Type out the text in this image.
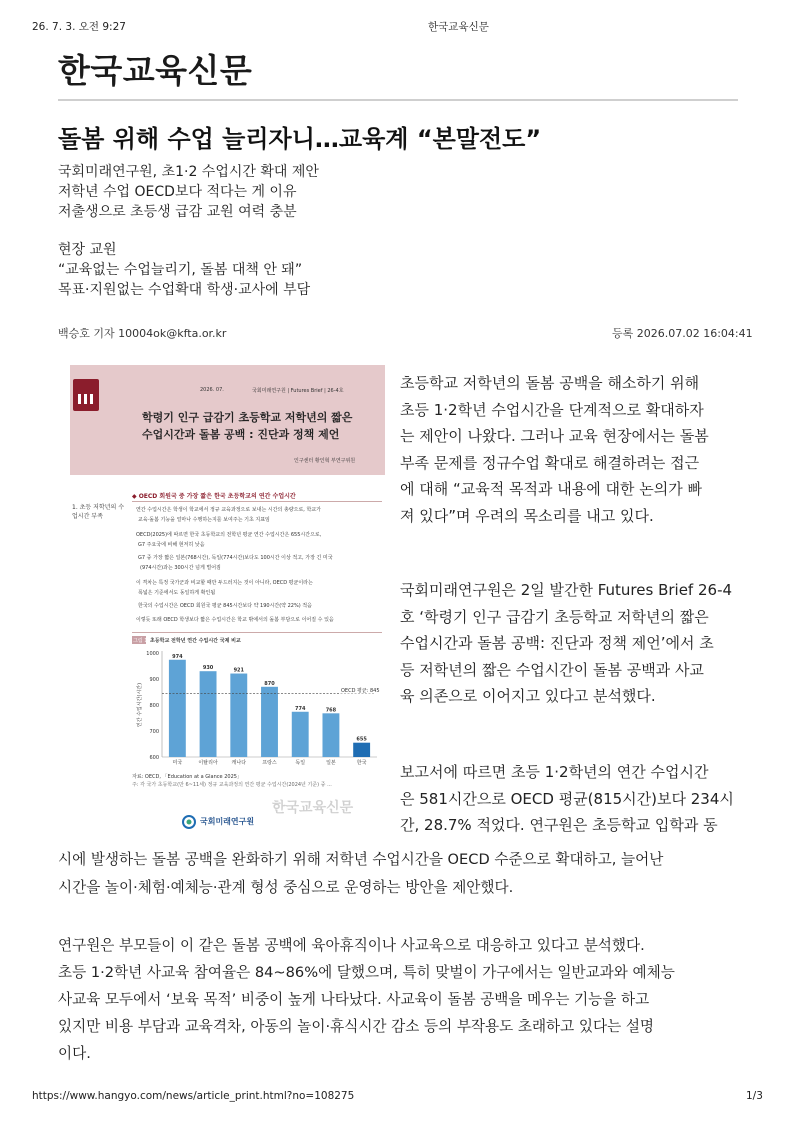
26. 7. 3. 오전 9:27	한국교육신문
한국교육신문
돌봄 위해 수업 늘리자니…교육계 “본말전도”
국회미래연구원, 초1·2 수업시간 확대 제안
저학년 수업 OECD보다 적다는 게 이유
저출생으로 초등생 급감 교원 여력 충분
현장 교원
“교육없는 수업늘리기, 돌봄 대책 안 돼”
목표·지원없는 수업확대 학생·교사에 부담
백승호 기자 10004ok@kfta.or.kr	등록 2026.07.02 16:04:41
2026. 07.	국회미래연구원 | Futures Brief | 26-4호
학령기 인구 급감기 초등학교 저학년의 짧은
수업시간과 돌봄 공백 : 진단과 정책 제언
인구센터 황인혁 부연구위원
1. 초등 저학년의 수업시간 부족
◆ OECD 회원국 중 가장 짧은 한국 초등학교의 연간 수업시간
연간 수업시간은 학생이 학교에서 정규 교육과정으로 보내는 시간의 총량으로, 학교가
교육·돌봄 기능을 얼마나 수행하는지를 보여주는 기초 지표임
OECD(2025)에 따르면 한국 초등학교의 전학년 평균 연간 수업시간은 655시간으로,
G7 주요국에 비해 현저히 낮음
G7 중 가장 짧은 일본(768시간), 독일(774시간)보다도 100시간 이상 적고, 가장 긴 미국
(974시간)과는 300시간 넘게 벌어짐
이 격차는 특정 국가군과 비교할 때만 두드러지는 것이 아니라, OECD 평균이라는
폭넓은 기준에서도 동일하게 확인됨
한국의 수업시간은 OECD 회원국 평균 845시간보다 약 190시간(약 22%) 적음
이렇듯 또래 OECD 학생보다 짧은 수업시간은 학교 밖에서의 돌봄 부담으로 이어질 수 있음
그림 1 초등학교 전학년 연간 수업시간 국제 비교
600
700
800
900
1000
연간 수업시간(시간)
974
미국
930
이탈리아
921
캐나다
870
프랑스
774
독일
768
일본
655
한국
OECD 평균: 845
자료: OECD, 「Education at a Glance 2025」
주: 각 국가 초등학교(만 6~11세) 정규 교육과정의 연간 평균 수업시간(2024년 기준) 중 ...
국회미래연구원
한국교육신문
초등학교 저학년의 돌봄 공백을 해소하기 위해
초등 1·2학년 수업시간을 단계적으로 확대하자
는 제안이 나왔다. 그러나 교육 현장에서는 돌봄
부족 문제를 정규수업 확대로 해결하려는 접근
에 대해 “교육적 목적과 내용에 대한 논의가 빠
져 있다”며 우려의 목소리를 내고 있다.
국회미래연구원은 2일 발간한 Futures Brief 26-4
호 ‘학령기 인구 급감기 초등학교 저학년의 짧은
수업시간과 돌봄 공백: 진단과 정책 제언’에서 초
등 저학년의 짧은 수업시간이 돌봄 공백과 사교
육 의존으로 이어지고 있다고 분석했다.
보고서에 따르면 초등 1·2학년의 연간 수업시간
은 581시간으로 OECD 평균(815시간)보다 234시
간, 28.7% 적었다. 연구원은 초등학교 입학과 동
시에 발생하는 돌봄 공백을 완화하기 위해 저학년 수업시간을 OECD 수준으로 확대하고, 늘어난
시간을 놀이·체험·예체능·관계 형성 중심으로 운영하는 방안을 제안했다.
연구원은 부모들이 이 같은 돌봄 공백에 육아휴직이나 사교육으로 대응하고 있다고 분석했다.
초등 1·2학년 사교육 참여율은 84~86%에 달했으며, 특히 맞벌이 가구에서는 일반교과와 예체능
사교육 모두에서 ‘보육 목적’ 비중이 높게 나타났다. 사교육이 돌봄 공백을 메우는 기능을 하고
있지만 비용 부담과 교육격차, 아동의 놀이·휴식시간 감소 등의 부작용도 초래하고 있다는 설명
이다.
https://www.hangyo.com/news/article_print.html?no=108275	1/3
